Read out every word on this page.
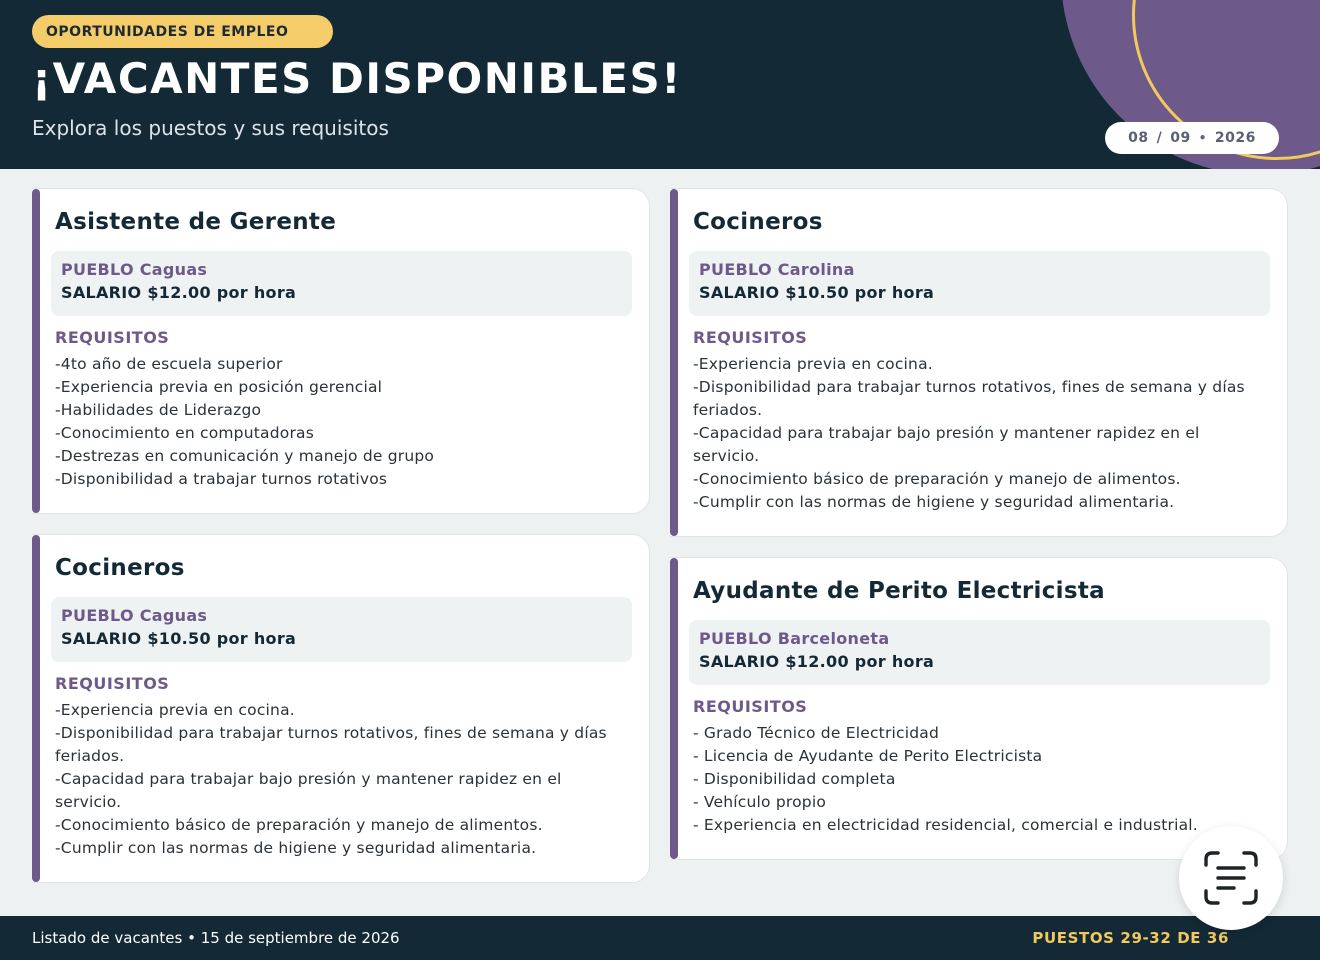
OPORTUNIDADES DE EMPLEO
¡VACANTES DISPONIBLES!
Explora los puestos y sus requisitos	08 / 09 • 2026
Asistente de Gerente
PUEBLO Caguas
SALARIO $12.00 por hora
REQUISITOS
-4to año de escuela superior
-Experiencia previa en posición gerencial
-Habilidades de Liderazgo
-Conocimiento en computadoras
-Destrezas en comunicación y manejo de grupo
-Disponibilidad a trabajar turnos rotativos
Cocineros
PUEBLO Carolina
SALARIO $10.50 por hora
REQUISITOS
-Experiencia previa en cocina.
-Disponibilidad para trabajar turnos rotativos, fines de semana y días feriados.
-Capacidad para trabajar bajo presión y mantener rapidez en el servicio.
-Conocimiento básico de preparación y manejo de alimentos.
-Cumplir con las normas de higiene y seguridad alimentaria.
Cocineros
PUEBLO Caguas
SALARIO $10.50 por hora
REQUISITOS
-Experiencia previa en cocina.
-Disponibilidad para trabajar turnos rotativos, fines de semana y días feriados.
-Capacidad para trabajar bajo presión y mantener rapidez en el servicio.
-Conocimiento básico de preparación y manejo de alimentos.
-Cumplir con las normas de higiene y seguridad alimentaria.
Ayudante de Perito Electricista
PUEBLO Barceloneta
SALARIO $12.00 por hora
REQUISITOS
- Grado Técnico de Electricidad
- Licencia de Ayudante de Perito Electricista
- Disponibilidad completa
- Vehículo propio
- Experiencia en electricidad residencial, comercial e industrial.
Listado de vacantes • 15 de septiembre de 2026	PUESTOS 29-32 DE 36
